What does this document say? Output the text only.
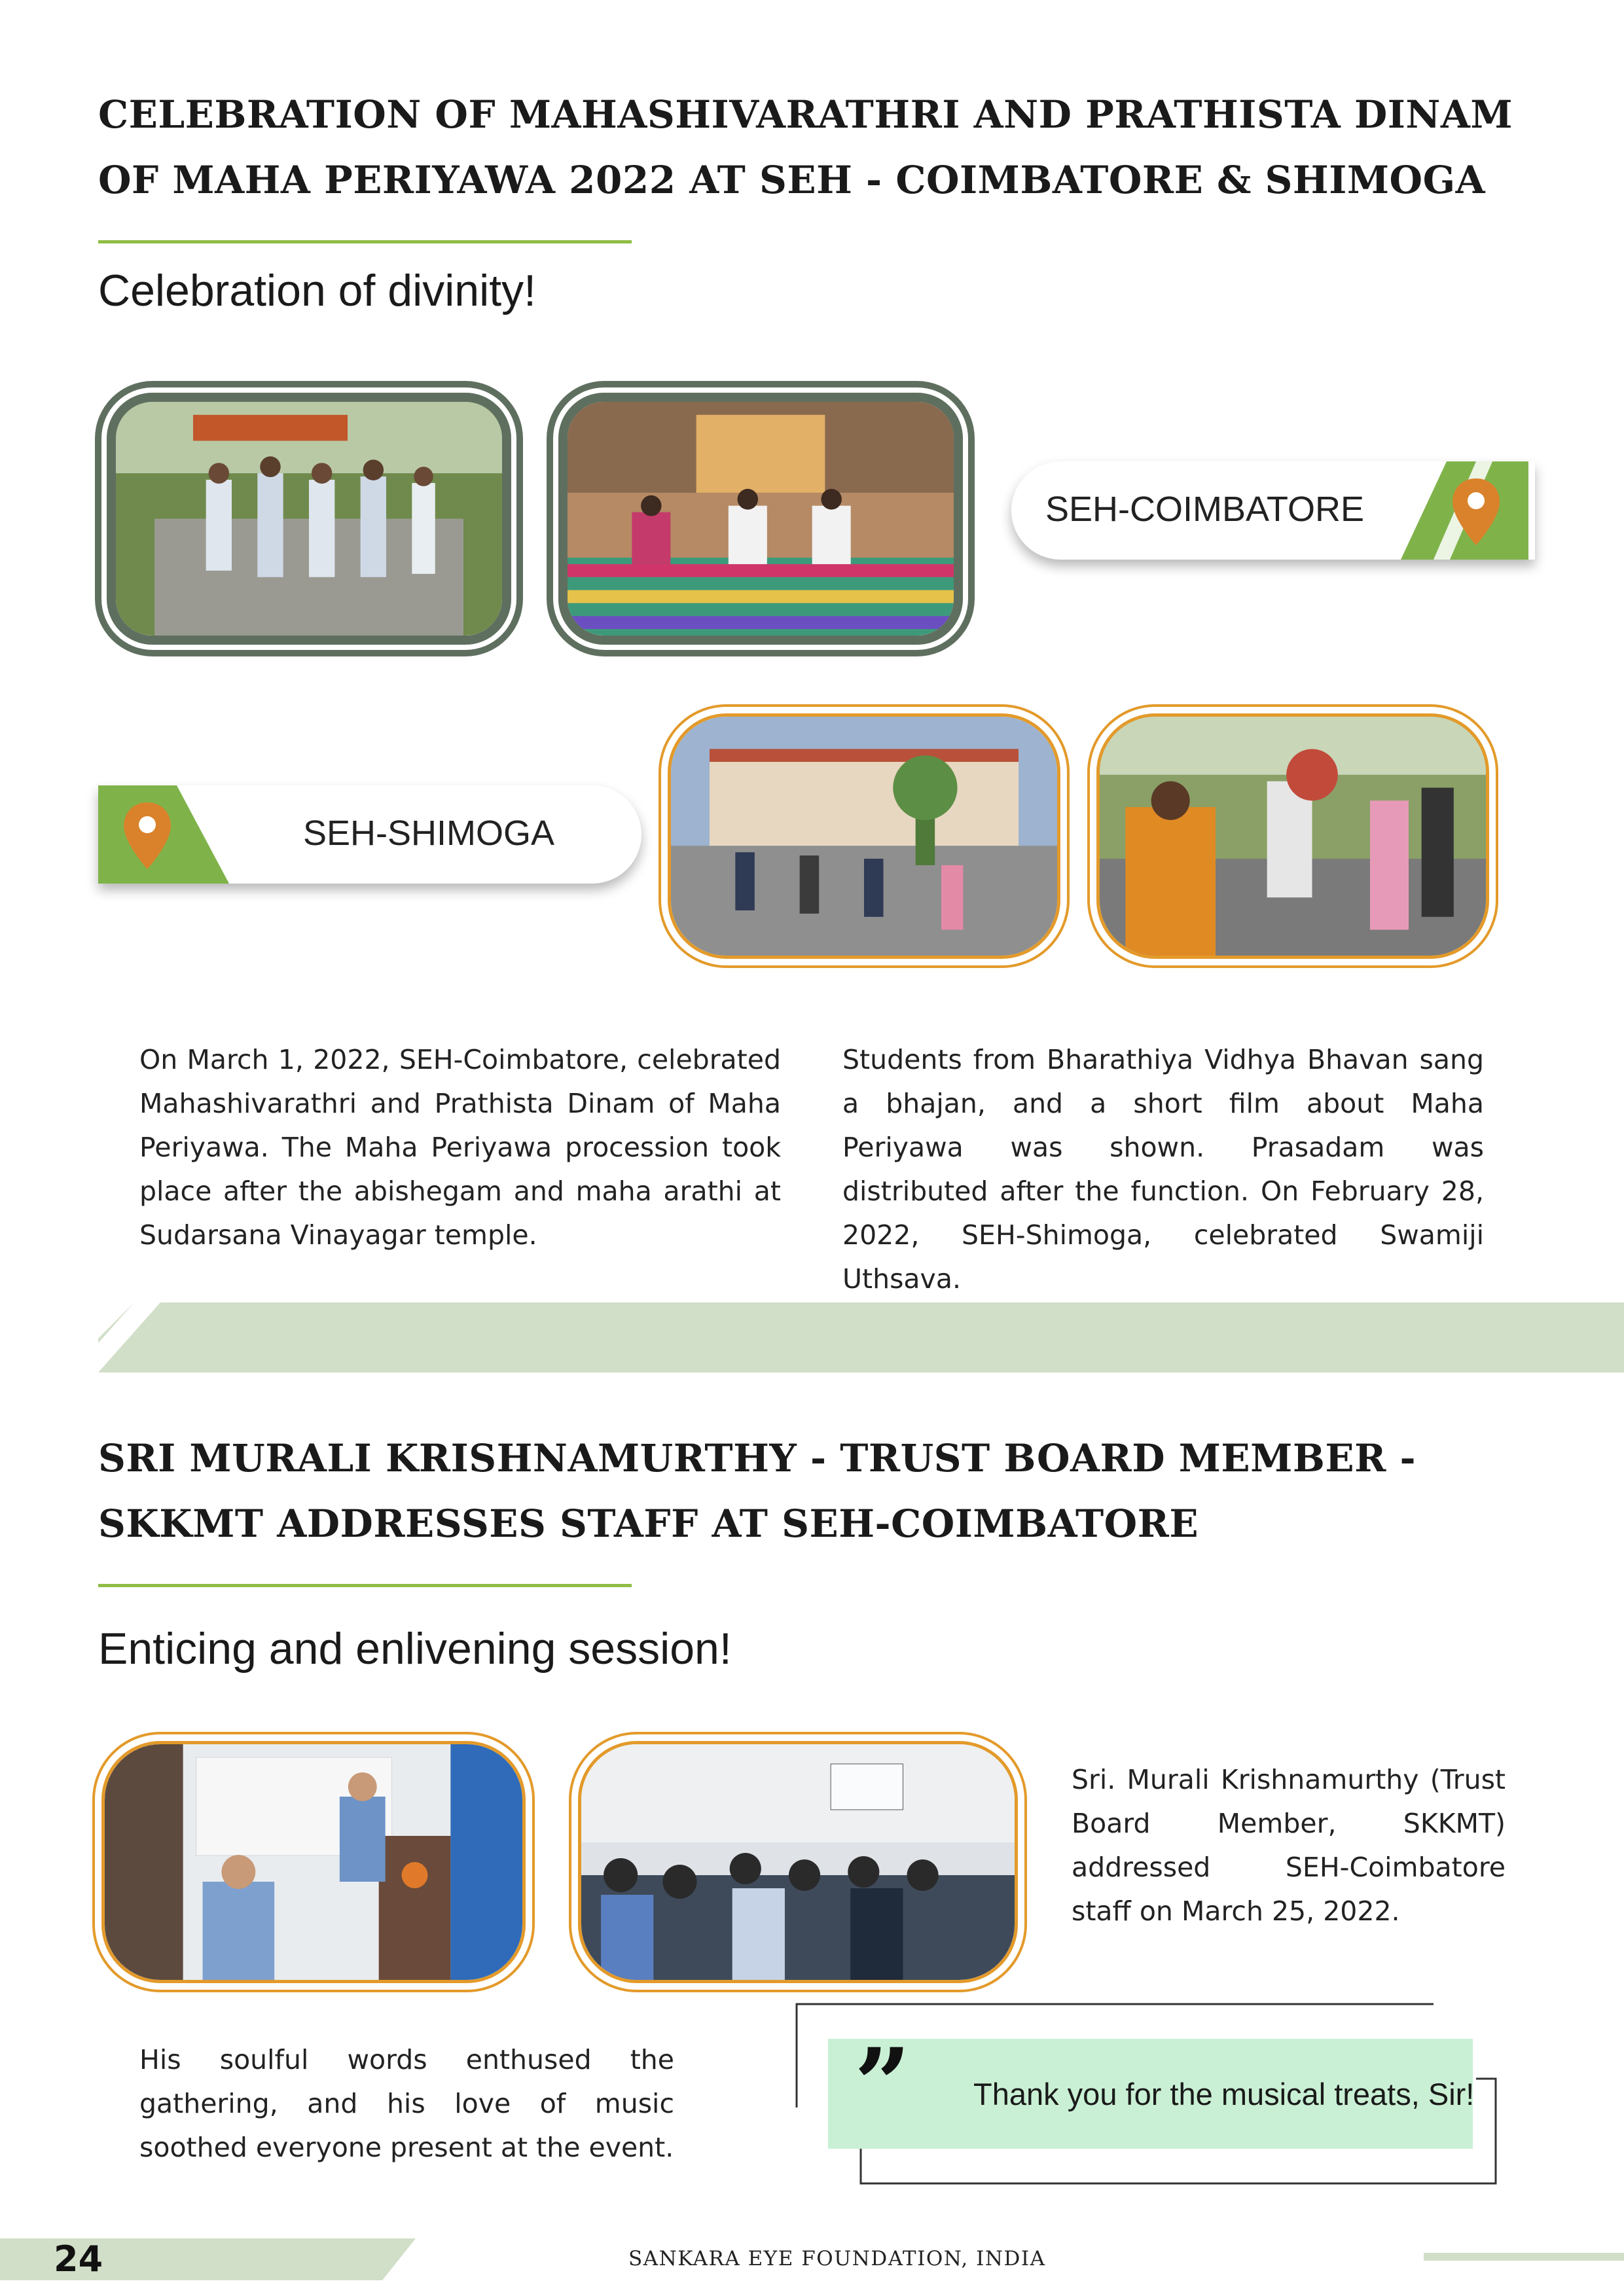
CELEBRATION OF MAHASHIVARATHRI AND PRATHISTA DINAM
OF MAHA PERIYAWA 2022 AT SEH - COIMBATORE & SHIMOGA
Celebration of divinity!
SEH-COIMBATORE
SEH-SHIMOGA
On March 1, 2022, SEH-Coimbatore, celebrated Mahashivarathri and Prathista Dinam of Maha Periyawa. The Maha Periyawa procession took place after the abishegam and maha arathi at Sudarsana Vinayagar temple.
Students from Bharathiya Vidhya Bhavan sang a bhajan, and a short film about Maha Periyawa was shown. Prasadam was distributed after the function. On February 28, 2022, SEH-Shimoga, celebrated Swamiji Uthsava.
SRI MURALI KRISHNAMURTHY - TRUST BOARD MEMBER -
SKKMT ADDRESSES STAFF AT SEH-COIMBATORE
Enticing and enlivening session!
Sri. Murali Krishnamurthy (Trust Board Member, SKKMT) addressed SEH-Coimbatore staff on March 25, 2022.
His soulful words enthused the gathering, and his love of music soothed everyone present at the event.
” Thank you for the musical treats, Sir!
24	SANKARA EYE FOUNDATION, INDIA
